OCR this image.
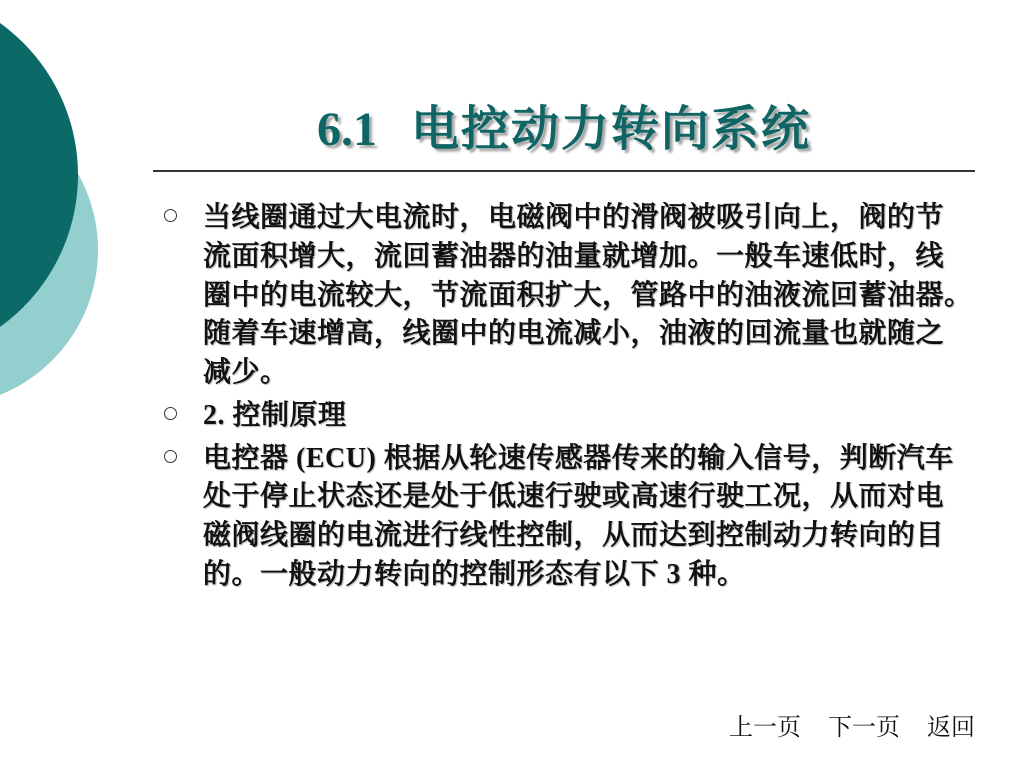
6.1 电控动力转向系统
当线圈通过大电流时，电磁阀中的滑阀被吸引向上，阀的节
流面积增大，流回蓄油器的油量就增加。一般车速低时，线
圈中的电流较大，节流面积扩大，管路中的油液流回蓄油器。
随着车速增高，线圈中的电流减小，油液的回流量也就随之
减少。
2. 控制原理
电控器 (ECU) 根据从轮速传感器传来的输入信号，判断汽车
处于停止状态还是处于低速行驶或高速行驶工况，从而对电
磁阀线圈的电流进行线性控制，从而达到控制动力转向的目
的。一般动力转向的控制形态有以下 3 种。
上一页 下一页 返回
